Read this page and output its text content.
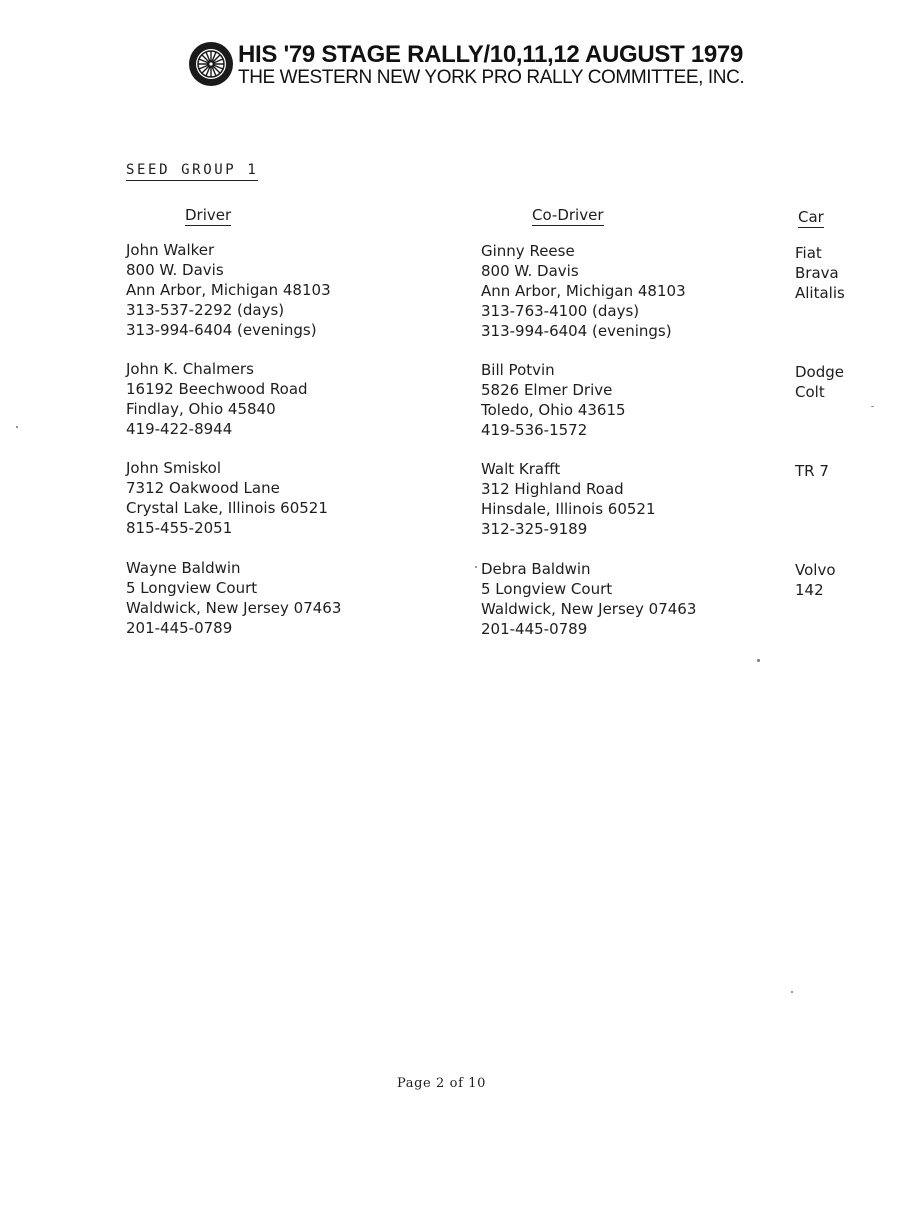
HIS '79 STAGE RALLY/10,11,12 AUGUST 1979
THE WESTERN NEW YORK PRO RALLY COMMITTEE, INC.
SEED GROUP 1
Driver	Co-Driver	Car
John Walker
800 W. Davis
Ann Arbor, Michigan 48103
313-537-2292 (days)
313-994-6404 (evenings)
Ginny Reese
800 W. Davis
Ann Arbor, Michigan 48103
313-763-4100 (days)
313-994-6404 (evenings)
Fiat
Brava
Alitalis
John K. Chalmers
16192 Beechwood Road
Findlay, Ohio 45840
419-422-8944
Bill Potvin
5826 Elmer Drive
Toledo, Ohio 43615
419-536-1572
Dodge
Colt
John Smiskol
7312 Oakwood Lane
Crystal Lake, Illinois 60521
815-455-2051
Walt Krafft
312 Highland Road
Hinsdale, Illinois 60521
312-325-9189
TR 7
Wayne Baldwin
5 Longview Court
Waldwick, New Jersey 07463
201-445-0789
Debra Baldwin
5 Longview Court
Waldwick, New Jersey 07463
201-445-0789
Volvo
142
Page 2 of 10
